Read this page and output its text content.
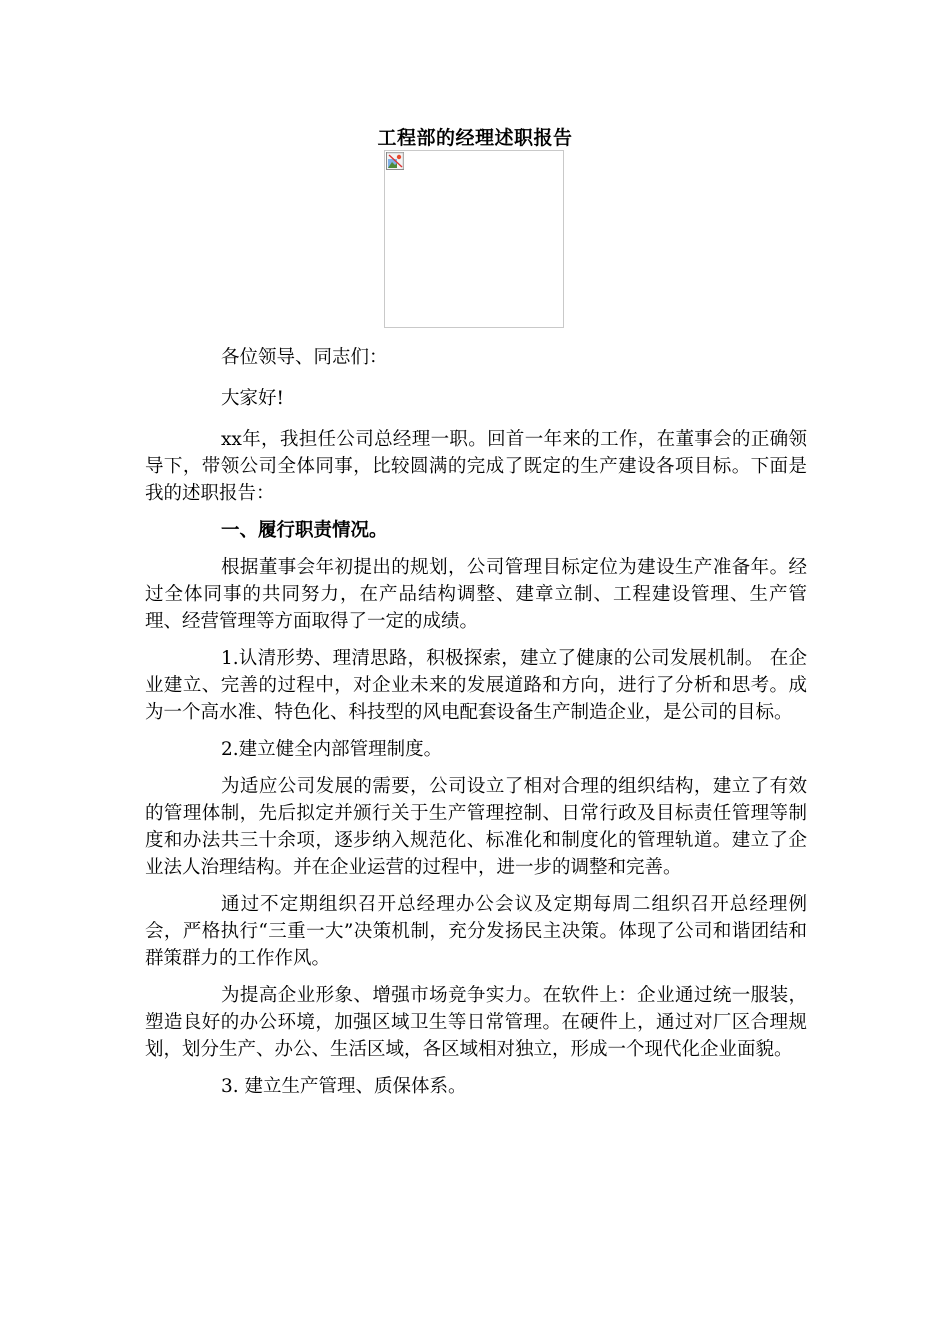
工程部的经理述职报告

各位领导、同志们：

大家好!

xx年，我担任公司总经理一职。回首一年来的工作，在董事会的正确领导下，带领公司全体同事，比较圆满的完成了既定的生产建设各项目标。下面是我的述职报告：

一、履行职责情况。

根据董事会年初提出的规划，公司管理目标定位为建设生产准备年。经过全体同事的共同努力，在产品结构调整、建章立制、工程建设管理、生产管理、经营管理等方面取得了一定的成绩。

1.认清形势、理清思路，积极探索，建立了健康的公司发展机制。 在企业建立、完善的过程中，对企业未来的发展道路和方向，进行了分析和思考。成为一个高水准、特色化、科技型的风电配套设备生产制造企业，是公司的目标。

2.建立健全内部管理制度。

为适应公司发展的需要，公司设立了相对合理的组织结构，建立了有效的管理体制，先后拟定并颁行关于生产管理控制、日常行政及目标责任管理等制度和办法共三十余项，逐步纳入规范化、标准化和制度化的管理轨道。建立了企业法人治理结构。并在企业运营的过程中，进一步的调整和完善。

通过不定期组织召开总经理办公会议及定期每周二组织召开总经理例会，严格执行“三重一大”决策机制，充分发扬民主决策。体现了公司和谐团结和群策群力的工作作风。

为提高企业形象、增强市场竞争实力。在软件上：企业通过统一服装，塑造良好的办公环境，加强区域卫生等日常管理。在硬件上，通过对厂区合理规划，划分生产、办公、生活区域，各区域相对独立，形成一个现代化企业面貌。

3. 建立生产管理、质保体系。
